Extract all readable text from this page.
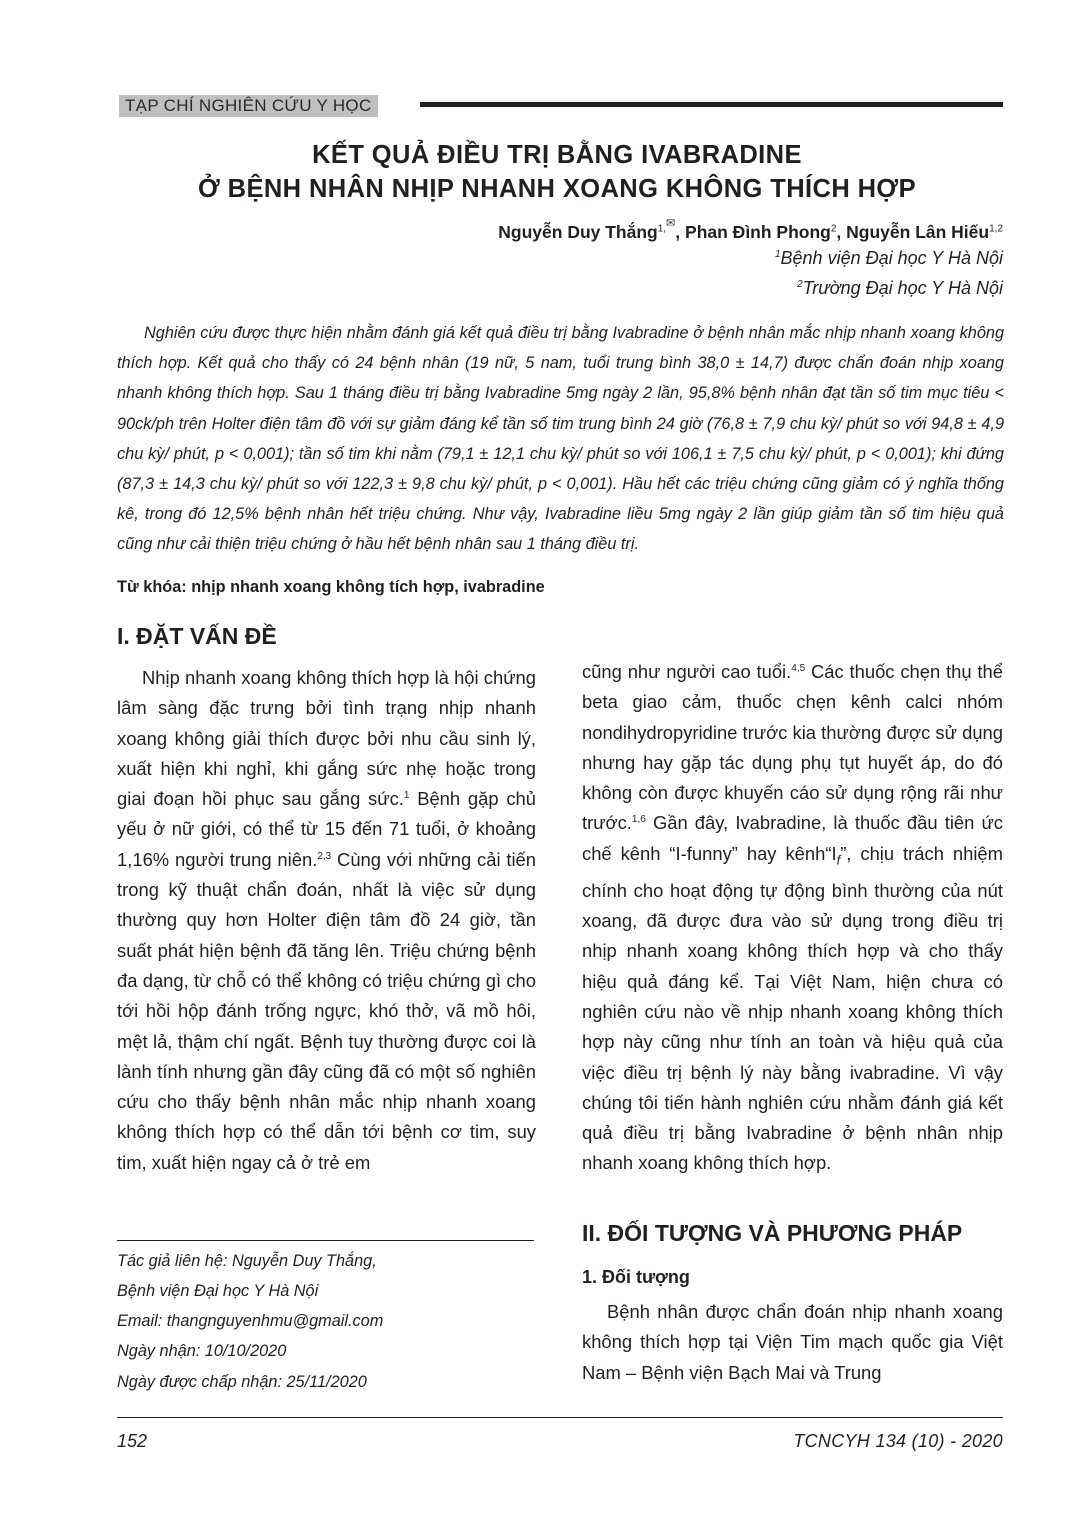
TẠP CHÍ NGHIÊN CỨU Y HỌC
KẾT QUẢ ĐIỀU TRỊ BẰNG IVABRADINE
Ở BỆNH NHÂN NHỊP NHANH XOANG KHÔNG THÍCH HỢP
Nguyễn Duy Thắng$^{1,✉}$, Phan Đình Phong$^2$, Nguyễn Lân Hiếu$^{1,2}$
$^1$Bệnh viện Đại học Y Hà Nội
$^2$Trường Đại học Y Hà Nội
Nghiên cứu được thực hiện nhằm đánh giá kết quả điều trị bằng Ivabradine ở bệnh nhân mắc nhịp nhanh xoang không thích hợp. Kết quả cho thấy có 24 bệnh nhân (19 nữ, 5 nam, tuổi trung bình 38,0 ± 14,7) được chẩn đoán nhịp xoang nhanh không thích hợp. Sau 1 tháng điều trị bằng Ivabradine 5mg ngày 2 lần, 95,8% bệnh nhân đạt tần số tim mục tiêu < 90ck/ph trên Holter điện tâm đồ với sự giảm đáng kể tần số tim trung bình 24 giờ (76,8 ± 7,9 chu kỳ/ phút so với 94,8 ± 4,9 chu kỳ/ phút, p < 0,001); tần số tim khi nằm (79,1 ± 12,1 chu kỳ/ phút so với 106,1 ± 7,5 chu kỳ/ phút, p < 0,001); khi đứng (87,3 ± 14,3 chu kỳ/ phút so với 122,3 ± 9,8 chu kỳ/ phút, p < 0,001). Hầu hết các triệu chứng cũng giảm có ý nghĩa thống kê, trong đó 12,5% bệnh nhân hết triệu chứng. Như vậy, Ivabradine liều 5mg ngày 2 lần giúp giảm tần số tim hiệu quả cũng như cải thiện triệu chứng ở hầu hết bệnh nhân sau 1 tháng điều trị.
Từ khóa: nhịp nhanh xoang không tích hợp, ivabradine
I. ĐẶT VẤN ĐỀ
Nhịp nhanh xoang không thích hợp là hội chứng lâm sàng đặc trưng bởi tình trạng nhịp nhanh xoang không giải thích được bởi nhu cầu sinh lý, xuất hiện khi nghỉ, khi gắng sức nhẹ hoặc trong giai đoạn hồi phục sau gắng sức.$^1$ Bệnh gặp chủ yếu ở nữ giới, có thể từ 15 đến 71 tuổi, ở khoảng 1,16% người trung niên.$^{2,3}$ Cùng với những cải tiến trong kỹ thuật chẩn đoán, nhất là việc sử dụng thường quy hơn Holter điện tâm đồ 24 giờ, tần suất phát hiện bệnh đã tăng lên. Triệu chứng bệnh đa dạng, từ chỗ có thể không có triệu chứng gì cho tới hồi hộp đánh trống ngực, khó thở, vã mồ hôi, mệt lả, thậm chí ngất. Bệnh tuy thường được coi là lành tính nhưng gần đây cũng đã có một số nghiên cứu cho thấy bệnh nhân mắc nhịp nhanh xoang không thích hợp có thể dẫn tới bệnh cơ tim, suy tim, xuất hiện ngay cả ở trẻ em
cũng như người cao tuổi.$^{4,5}$ Các thuốc chẹn thụ thể beta giao cảm, thuốc chẹn kênh calci nhóm nondihydropyridine trước kia thường được sử dụng nhưng hay gặp tác dụng phụ tụt huyết áp, do đó không còn được khuyến cáo sử dụng rộng rãi như trước.$^{1,6}$ Gần đây, Ivabradine, là thuốc đầu tiên ức chế kênh “I-funny” hay $kênh“I_f$”, chịu trách nhiệm chính cho hoạt động tự động bình thường của nút xoang, đã được đưa vào sử dụng trong điều trị nhịp nhanh xoang không thích hợp và cho thấy hiệu quả đáng kể. Tại Việt Nam, hiện chưa có nghiên cứu nào về nhịp nhanh xoang không thích hợp này cũng như tính an toàn và hiệu quả của việc điều trị bệnh lý này bằng ivabradine. Vì vậy chúng tôi tiến hành nghiên cứu nhằm đánh giá kết quả điều trị bằng Ivabradine ở bệnh nhân nhịp nhanh xoang không thích hợp.
II. ĐỐI TƯỢNG VÀ PHƯƠNG PHÁP
1. Đối tượng
Bệnh nhân được chẩn đoán nhịp nhanh xoang không thích hợp tại Viện Tim mạch quốc gia Việt Nam – Bệnh viện Bạch Mai và Trung
Tác giả liên hệ: Nguyễn Duy Thắng,
Bệnh viện Đại học Y Hà Nội
Email: thangnguyenhmu@gmail.com
Ngày nhận: 10/10/2020
Ngày được chấp nhận: 25/11/2020
152	TCNCYH 134 (10) - 2020
